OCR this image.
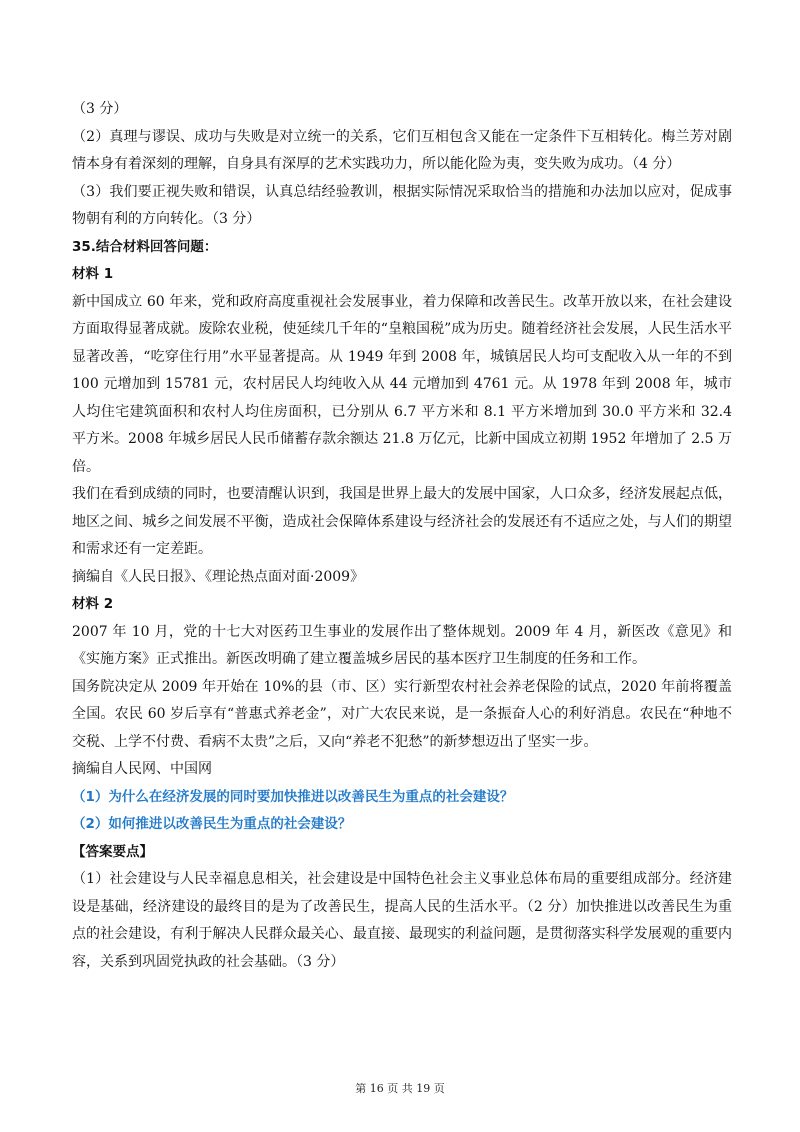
（3 分）

（2）真理与谬误、成功与失败是对立统一的关系，它们互相包含又能在一定条件下互相转化。梅兰芳对剧情本身有着深刻的理解，自身具有深厚的艺术实践功力，所以能化险为夷，变失败为成功。（4 分）

（3）我们要正视失败和错误，认真总结经验教训，根据实际情况采取恰当的措施和办法加以应对，促成事物朝有利的方向转化。（3 分）

35.结合材料回答问题：

材料 1

新中国成立 60 年来，党和政府高度重视社会发展事业，着力保障和改善民生。改革开放以来，在社会建设方面取得显著成就。废除农业税，使延续几千年的“皇粮国税”成为历史。随着经济社会发展，人民生活水平显著改善，“吃穿住行用”水平显著提高。从 1949 年到 2008 年，城镇居民人均可支配收入从一年的不到 100 元增加到 15781 元，农村居民人均纯收入从 44 元增加到 4761 元。从 1978 年到 2008 年，城市人均住宅建筑面积和农村人均住房面积，已分别从 6.7 平方米和 8.1 平方米增加到 30.0 平方米和 32.4 平方米。2008 年城乡居民人民币储蓄存款余额达 21.8 万亿元，比新中国成立初期 1952 年增加了 2.5 万倍。

我们在看到成绩的同时，也要清醒认识到，我国是世界上最大的发展中国家，人口众多，经济发展起点低，地区之间、城乡之间发展不平衡，造成社会保障体系建设与经济社会的发展还有不适应之处，与人们的期望和需求还有一定差距。

摘编自《人民日报》、《理论热点面对面·2009》

材料 2

2007 年 10 月，党的十七大对医药卫生事业的发展作出了整体规划。2009 年 4 月，新医改《意见》和《实施方案》正式推出。新医改明确了建立覆盖城乡居民的基本医疗卫生制度的任务和工作。

国务院决定从 2009 年开始在 10%的县（市、区）实行新型农村社会养老保险的试点，2020 年前将覆盖全国。农民 60 岁后享有“普惠式养老金”，对广大农民来说，是一条振奋人心的利好消息。农民在“种地不交税、上学不付费、看病不太贵”之后，又向“养老不犯愁”的新梦想迈出了坚实一步。

摘编自人民网、中国网

（1）为什么在经济发展的同时要加快推进以改善民生为重点的社会建设？

（2）如何推进以改善民生为重点的社会建设？

【答案要点】

（1）社会建设与人民幸福息息相关，社会建设是中国特色社会主义事业总体布局的重要组成部分。经济建设是基础，经济建设的最终目的是为了改善民生，提高人民的生活水平。（2 分）加快推进以改善民生为重点的社会建设，有利于解决人民群众最关心、最直接、最现实的利益问题，是贯彻落实科学发展观的重要内容，关系到巩固党执政的社会基础。（3 分）

第 16 页 共 19 页
